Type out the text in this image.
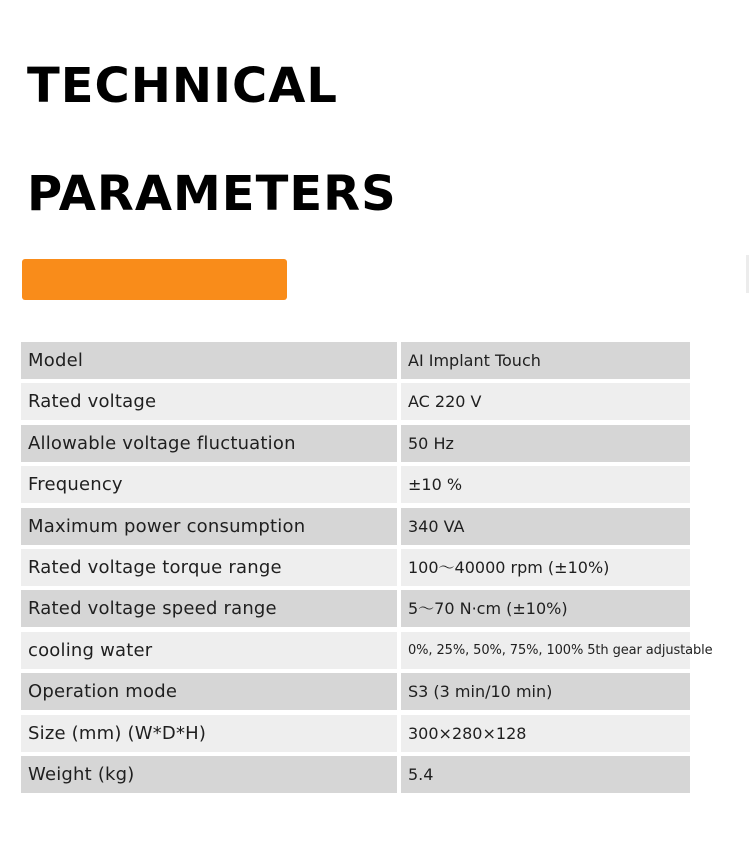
TECHNICAL
PARAMETERS
Model	AI Implant Touch
Rated voltage	AC 220 V
Allowable voltage fluctuation	50 Hz
Frequency	±10 %
Maximum power consumption	340 VA
Rated voltage torque range	100～40000 rpm (±10%)
Rated voltage speed range	5～70 N·cm (±10%)
cooling water	0%, 25%, 50%, 75%, 100% 5th gear adjustable
Operation mode	S3 (3 min/10 min)
Size (mm) (W*D*H)	300×280×128
Weight (kg)	5.4
